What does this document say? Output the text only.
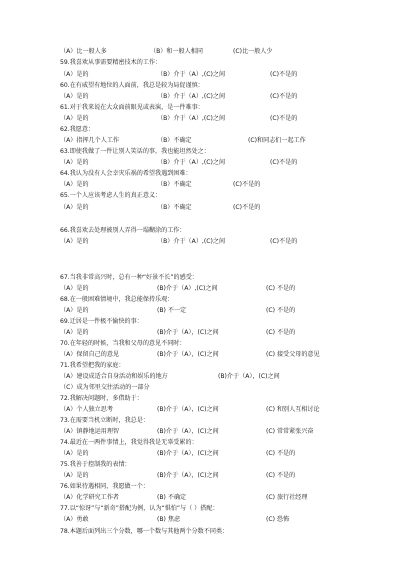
（A）比一般人多	（B）和一般人相同	(C)比一般人少
59.我喜欢从事需要精密技术的工作：
（A）是的	（B）介于（A）,(C)之间	(C)不是的
60.在有威望有地位的人面前，我总是较为局促谨慎：
（A）是的	（B）介于（A）,(C)之间	(C)不是的
61.对于我来说在大众面前眼见或表演，是一件难事：
（A）是的	（B）介于（A）,(C)之间	(C)不是的
62.我愿意：
（A）指挥几个人工作	（B）不确定	(C)和同志们一起工作
63.即使我做了一件让别人笑话的事，我也能坦然处之：
（A）是的	（B）介于（A）,(C)之间	(C)不是的
64.我认为没有人会幸灾乐祸的希望我遇到困难：
（A）是的	（B）不确定	(C)不是的
65.一个人应该考虑人生的真正意义：
（A）是的	（B）不确定	(C)不是的
66.我喜欢去处理被别人弄得一塌糊涂的工作：
（A）是的	（B）介于（A）,(C)之间	(C)不是的
67.当我非常高兴时，总有一种“好景不长”的感受：
（A）是的	(B)介于（A）,(C)之间	(C) 不是的
68.在一般困难情境中，我总能保持乐观：
（A）是的	(B) 不一定	(C) 不是的
69.迁居是一件极不愉快的事：
（A）是的	(B)介于（A），(C)之间	(C) 不是的
70.在年轻的时候，当我和父母的意见不同时：
（A）保留自己的意见	(B)介于（A），(C)之间	(C) 接受父母的意见
71.我希望把我的家庭：
（A）建设成适合自身活动和娱乐的地方	(B)介于（A），(C)之间
（C）成为邻里交往活动的一部分
72.我解决问题时，多借助于：
（A）个人独立思考	(B)介于（A），(C)之间	(C) 和别人互相讨论
73.在需要当机立断时，我总是：
（A）镇静地运用理智	(B)介于（A），(C)之间	(C) 常常紧张兴奋
74.最近在一两件事情上，我觉得我是无辜受累的：
（A）是的	(B)介于（A），(C)之间	(C) 不是的
75.我善于控制我的表情：
（A）是的	(B)介于（A），(C)之间	(C) 不是的
76.如果待遇相同，我愿做一个：
（A）化学研究工作者	(B) 不确定	(C) 旅行社经理
77.以“惊讶”与“新奇”搭配为例，认为“惧怕”与（ ）搭配：
（A）勇敢	(B) 焦虑	(C) 恐怖
78.本题后面列出三个分数，哪一个数与其他两个分数不同类：
